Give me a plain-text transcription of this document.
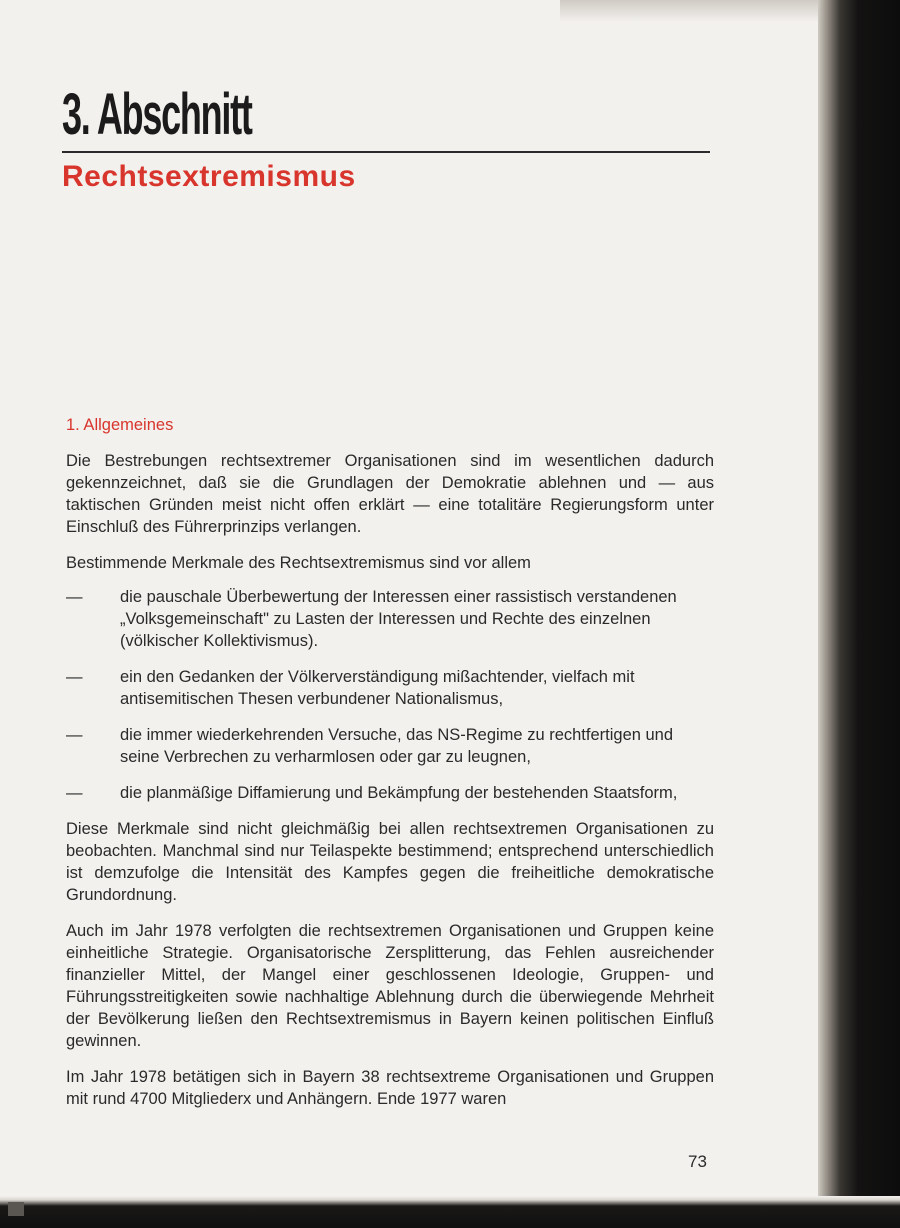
3. Abschnitt
Rechtsextremismus
1. Allgemeines

Die Bestrebungen rechtsextremer Organisationen sind im wesentlichen dadurch gekennzeichnet, daß sie die Grundlagen der Demokratie ablehnen und — aus taktischen Gründen meist nicht offen erklärt — eine totalitäre Regierungsform unter Einschluß des Führerprinzips verlangen.

Bestimmende Merkmale des Rechtsextremismus sind vor allem

— die pauschale Überbewertung der Interessen einer rassistisch verstandenen „Volksgemeinschaft" zu Lasten der Interessen und Rechte des einzelnen (völkischer Kollektivismus).
— ein den Gedanken der Völkerverständigung mißachtender, vielfach mit antisemitischen Thesen verbundener Nationalismus,
— die immer wiederkehrenden Versuche, das NS-Regime zu rechtfertigen und seine Verbrechen zu verharmlosen oder gar zu leugnen,
— die planmäßige Diffamierung und Bekämpfung der bestehenden Staatsform,

Diese Merkmale sind nicht gleichmäßig bei allen rechtsextremen Organisationen zu beobachten. Manchmal sind nur Teilaspekte bestimmend; entsprechend unterschiedlich ist demzufolge die Intensität des Kampfes gegen die freiheitliche demokratische Grundordnung.

Auch im Jahr 1978 verfolgten die rechtsextremen Organisationen und Gruppen keine einheitliche Strategie. Organisatorische Zersplitterung, das Fehlen ausreichender finanzieller Mittel, der Mangel einer geschlossenen Ideologie, Gruppen- und Führungsstreitigkeiten sowie nachhaltige Ablehnung durch die überwiegende Mehrheit der Bevölkerung ließen den Rechtsextremismus in Bayern keinen politischen Einfluß gewinnen.

Im Jahr 1978 betätigen sich in Bayern 38 rechtsextreme Organisationen und Gruppen mit rund 4700 Mitgliederx und Anhängern. Ende 1977 waren

73
